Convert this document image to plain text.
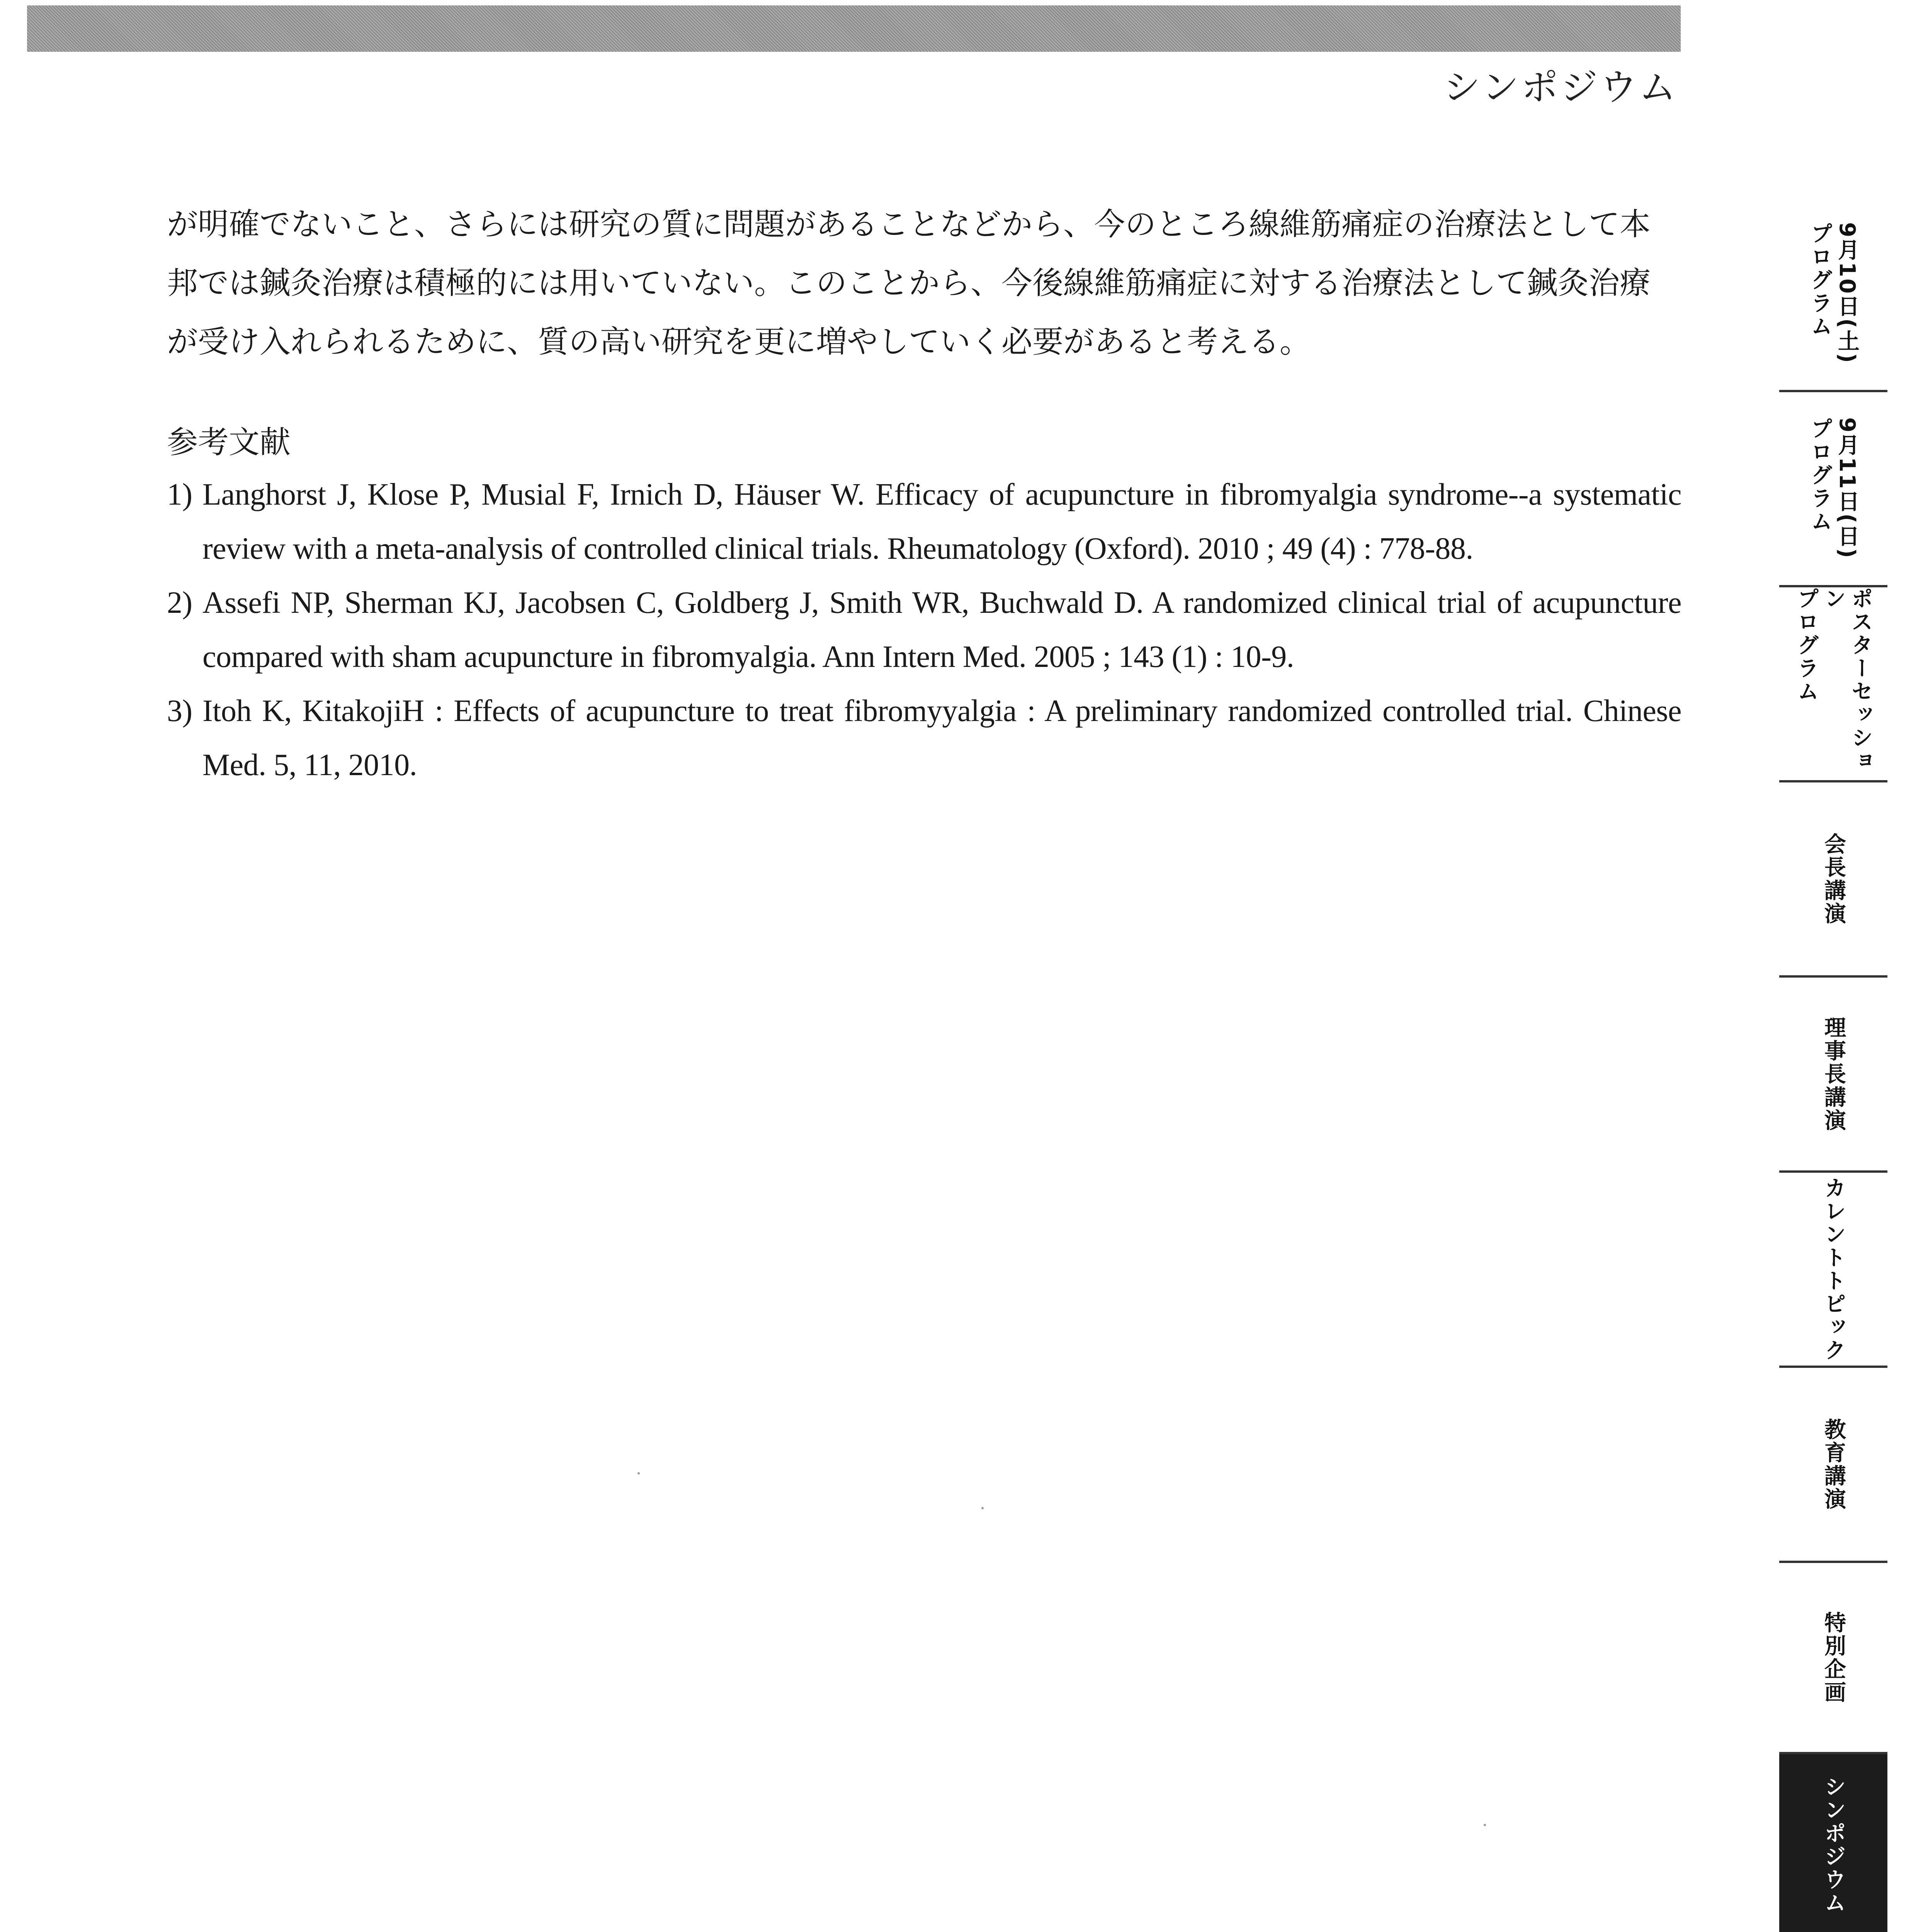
シンポジウム

が明確でないこと、さらには研究の質に問題があることなどから、今のところ線維筋痛症の治療法として本

邦では鍼灸治療は積極的には用いていない。このことから、今後線維筋痛症に対する治療法として鍼灸治療

が受け入れられるために、質の高い研究を更に増やしていく必要があると考える。

参考文献
1) Langhorst J, Klose P, Musial F, Irnich D, Häuser W. Efficacy of acupuncture in fibromyalgia syndrome--a systematic review with a meta-analysis of controlled clinical trials. Rheumatology (Oxford). 2010 ; 49 (4) : 778-88.
2) Assefi NP, Sherman KJ, Jacobsen C, Goldberg J, Smith WR, Buchwald D. A randomized clinical trial of acupuncture compared with sham acupuncture in fibromyalgia. Ann Intern Med. 2005 ; 143 (1) : 10-9.
3) Itoh K, KitakojiH : Effects of acupuncture to treat fibromyyalgia : A preliminary randomized controlled trial. Chinese Med. 5, 11, 2010.
9月10日(土)
プログラム
9月11日(日)
プログラム
ポスターセッション
プログラム
会長講演
理事長講演
カレントトピック
教育講演
特別企画
シンポジウム
